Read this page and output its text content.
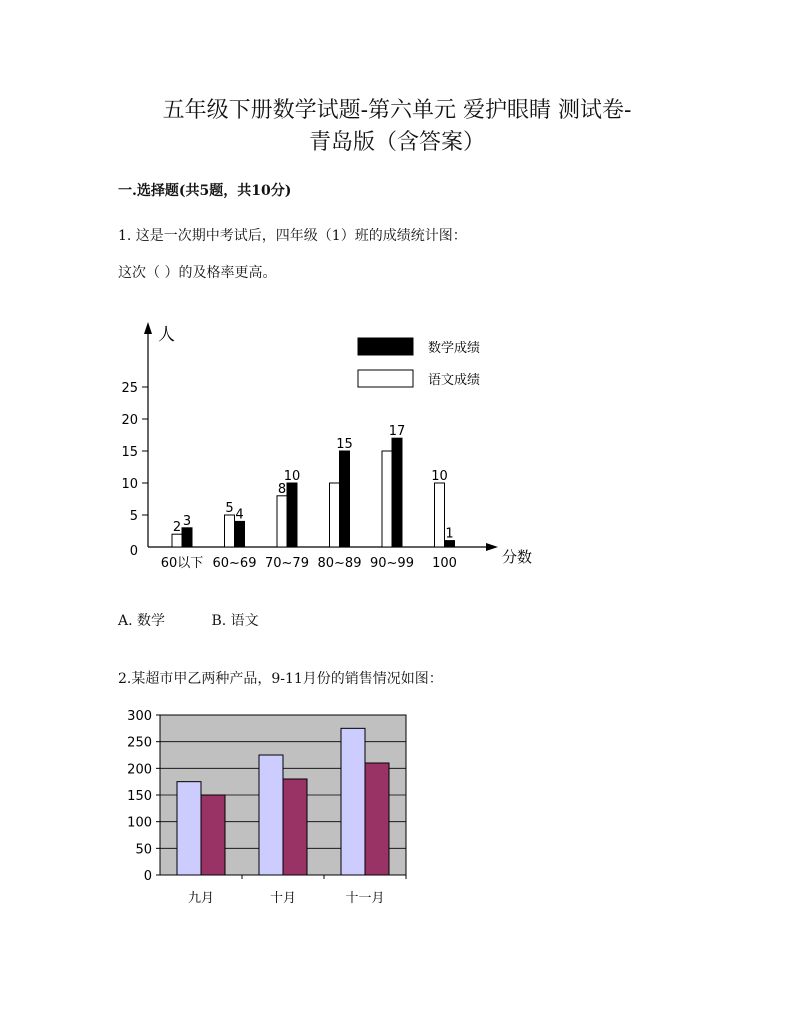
五年级下册数学试题-第六单元 爱护眼睛 测试卷-
青岛版（含答案）
一.选择题(共5题，共10分)
1. 这是一次期中考试后，四年级（1）班的成绩统计图：
这次（ ）的及格率更高。
人
分数
0
5
10
15
20
25
2 3
60以下
5 4
60~69
8
10
70~79
15
80~89
17
90~99
10
1
100
数学成绩
语文成绩
A. 数学	B. 语文
2.某超市甲乙两种产品，9-11月份的销售情况如图：
0
50
100
150
200
250
300
九月	十月	十一月
